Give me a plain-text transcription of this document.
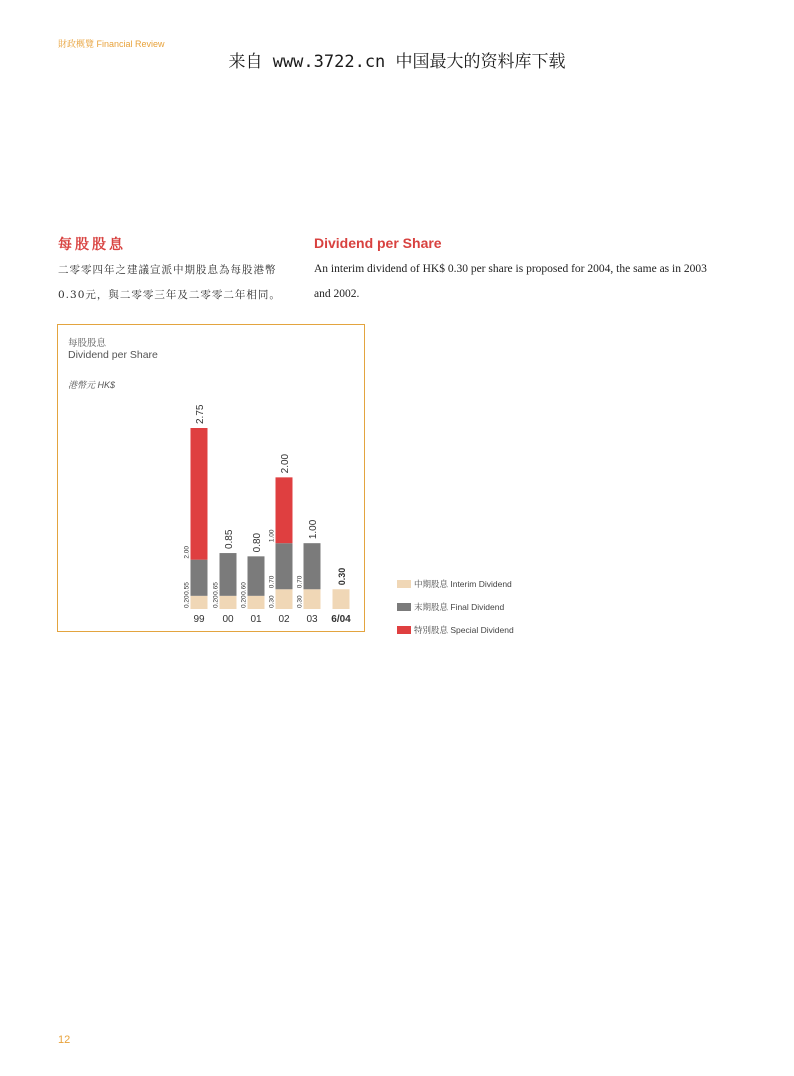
財政概覽 Financial Review
来自 www.3722.cn 中国最大的资料库下载
每股股息
二零零四年之建議宣派中期股息為每股港幣0.30元，與二零零三年及二零零二年相同。
Dividend per Share
An interim dividend of HK$ 0.30 per share is proposed for 2004, the same as in 2003 and 2002.
每股股息
Dividend per Share
港幣元 HK$
0.20
0.55
2.00
2.75
99
0.20
0.65
0.85
00
0.20
0.60
0.80
01
0.30
0.70
1.00
2.00
02
0.30
0.70
1.00
03
0.30
6/04
中期股息 Interim Dividend
末期股息 Final Dividend
特別股息 Special Dividend
12
